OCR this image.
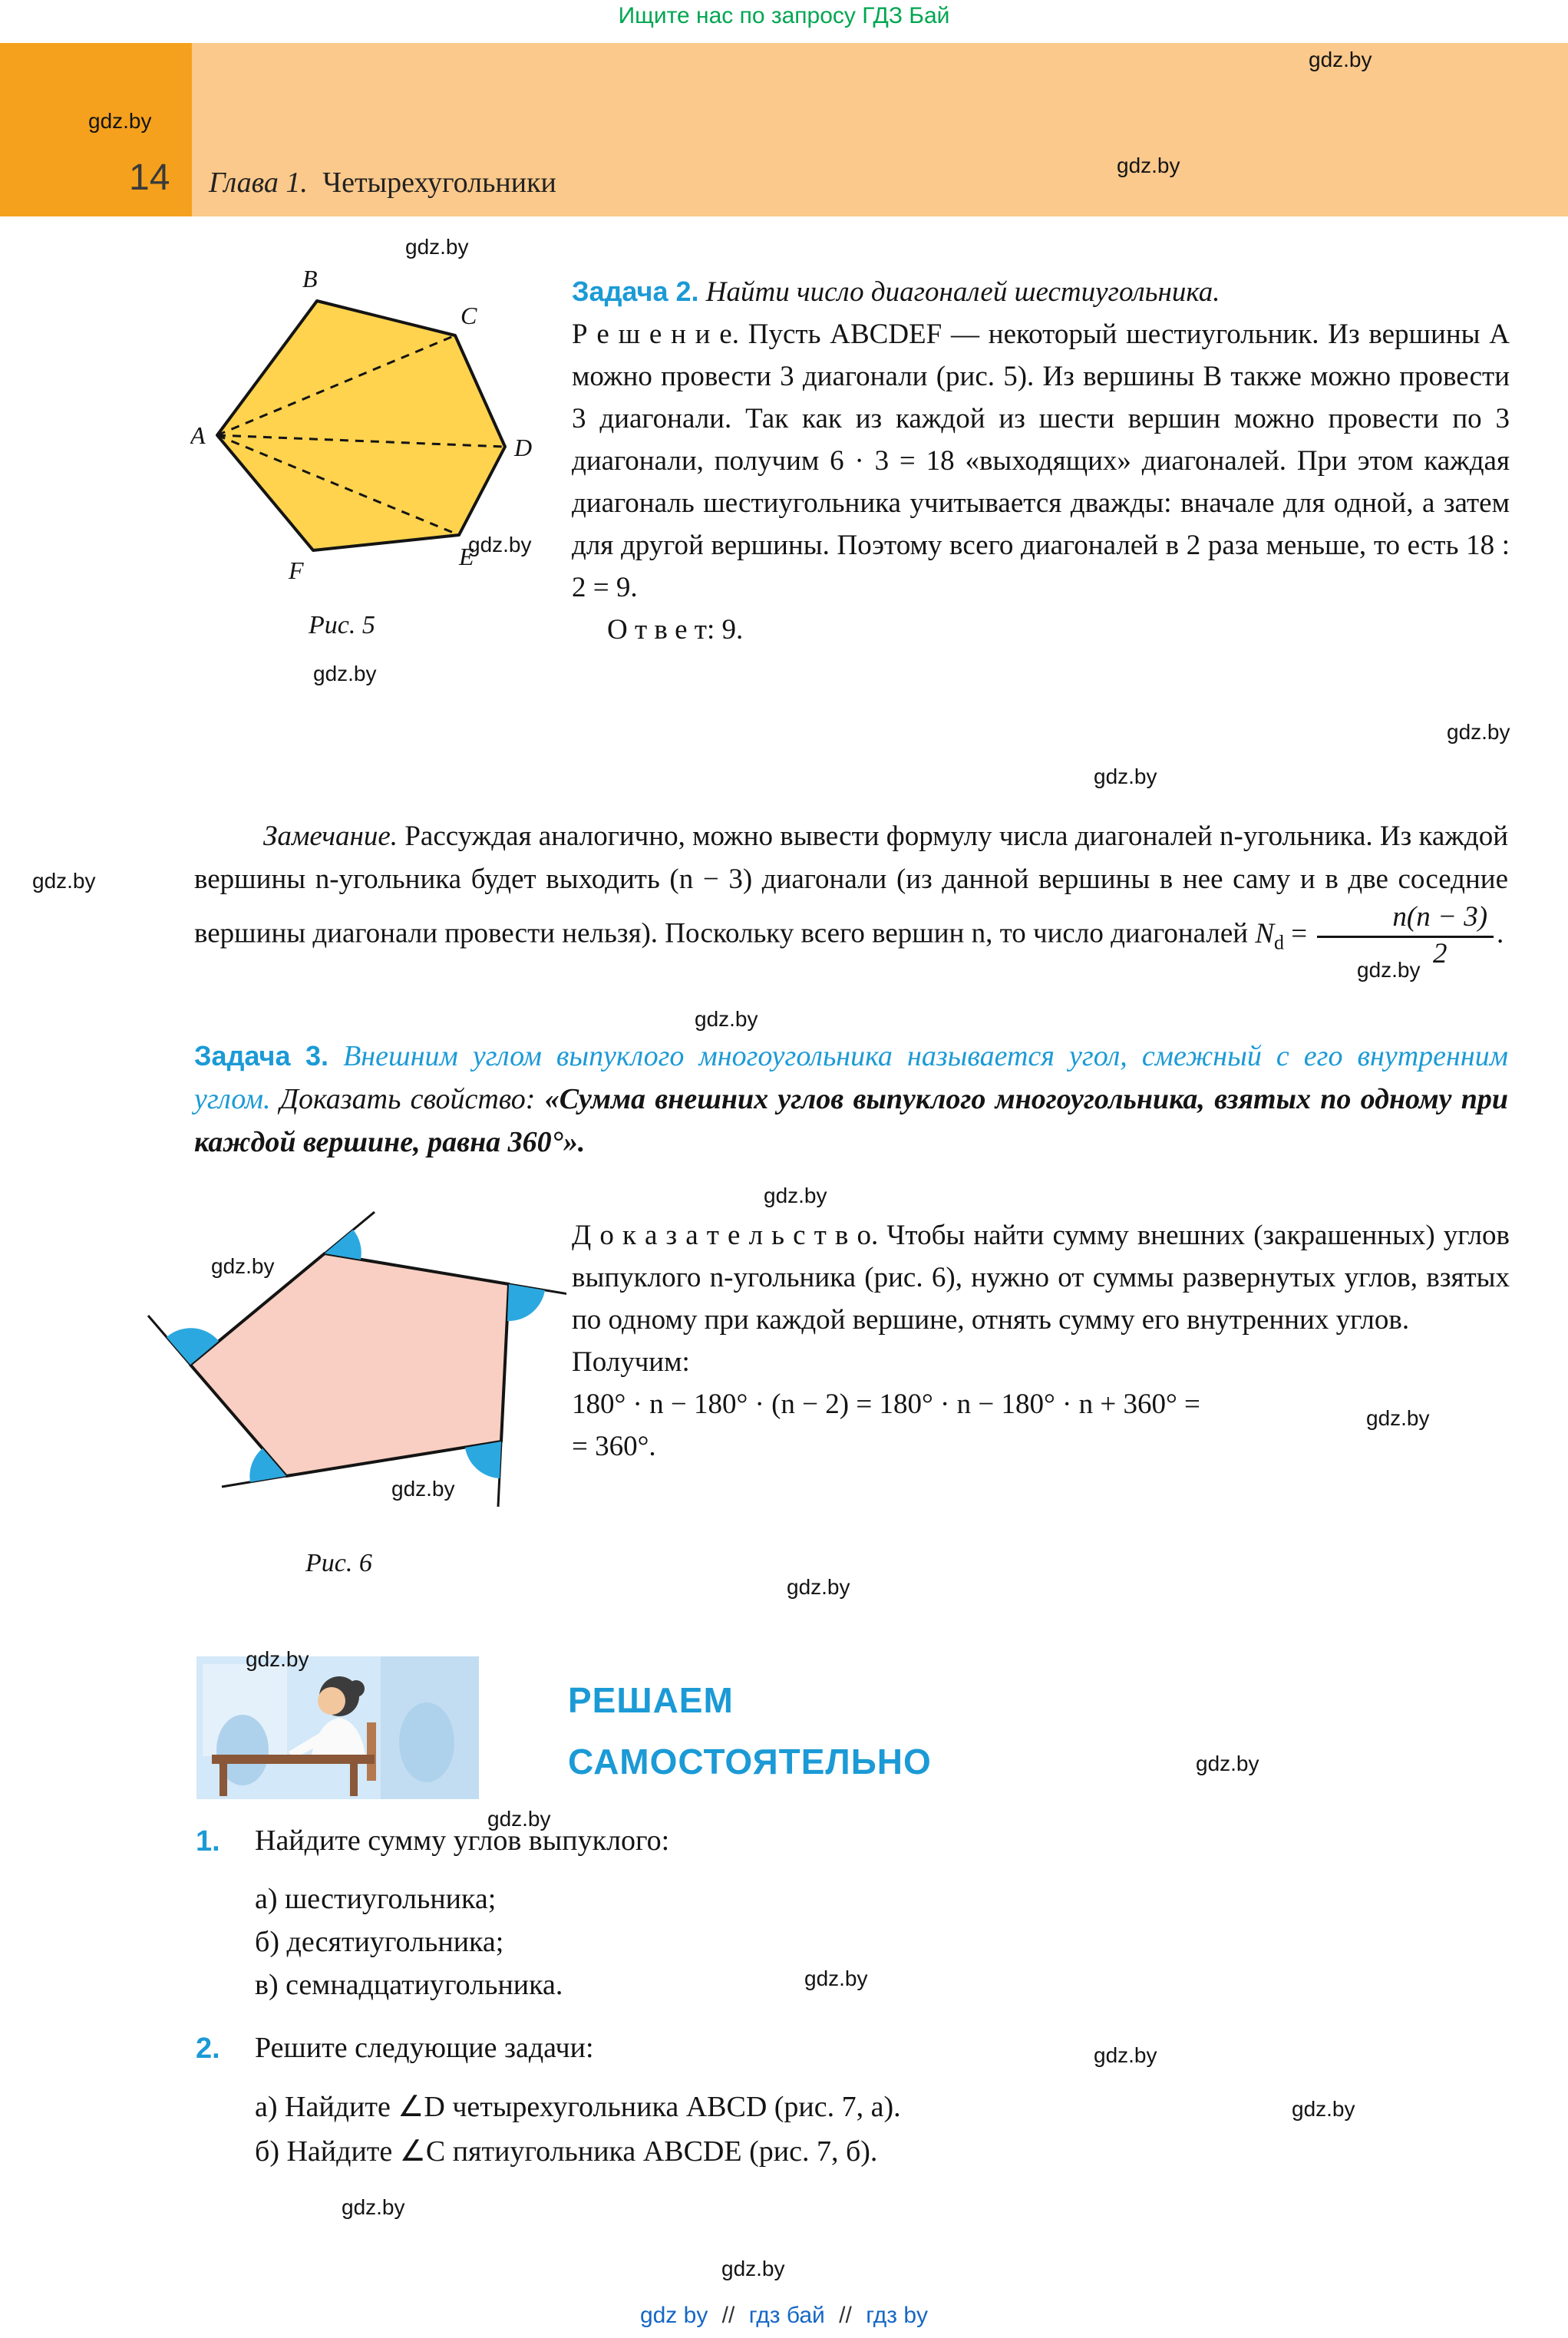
Ищите нас по запросу ГДЗ Бай
14 Глава 1. Четырехугольники
A
B
C
D
E
F
Рис. 5

Задача 2. Найти число диагоналей шестиугольника.

Р е ш е н и е. Пусть ABCDEF — некоторый шестиугольник. Из вершины A можно провести 3 диагонали (рис. 5). Из вершины B также можно провести 3 диагонали. Так как из каждой из шести вершин можно провести по 3 диагонали, получим 6 · 3 = 18 «выходящих» диагоналей. При этом каждая диагональ шестиугольника учитывается дважды: вначале для одной, а затем для другой вершины. Поэтому всего диагоналей в 2 раза меньше, то есть 18 : 2 = 9.

О т в е т: 9.

Замечание. Рассуждая аналогично, можно вывести формулу числа диагоналей n-угольника. Из каждой вершины n-угольника будет выходить (n − 3) диагонали (из данной вершины в нее саму и в две соседние вершины диагонали провести нельзя). Поскольку всего вершин n, то число диагоналей $N_d = \frac{n(n - 3)}{2}$ .
Задача 3. Внешним углом выпуклого многоугольника называется угол, смежный с его внутренним углом. Доказать свойство: «Сумма внешних углов выпуклого многоугольника, взятых по одному при каждой вершине, равна 360°».
Рис. 6

Д о к а з а т е л ь с т в о. Чтобы найти сумму внешних (закрашенных) углов выпуклого n-угольника (рис. 6), нужно от суммы развернутых углов, взятых по одному при каждой вершине, отнять сумму его внутренних углов.

Получим:

180° · n − 180° · (n − 2) = 180° · n − 180° · n + 360° =

= 360°.

РЕШАЕМ
САМОСТОЯТЕЛЬНО
1. Найдите сумму углов выпуклого:
а) шестиугольника;
б) десятиугольника;
в) семнадцатиугольника.
2. Решите следующие задачи:
а) Найдите ∠D четырехугольника ABCD (рис. 7, а).
б) Найдите ∠C пятиугольника ABCDE (рис. 7, б).
gdz by // гдз бай // гдз by
gdz.by
gdz.by
gdz.by
gdz.by
gdz.by
gdz.by
gdz.by
gdz.by
gdz.by
gdz.by
gdz.by
gdz.by
gdz.by
gdz.by
gdz.by
gdz.by
gdz.by
gdz.by
gdz.by
gdz.by
gdz.by
gdz.by
gdz.by
gdz.by
